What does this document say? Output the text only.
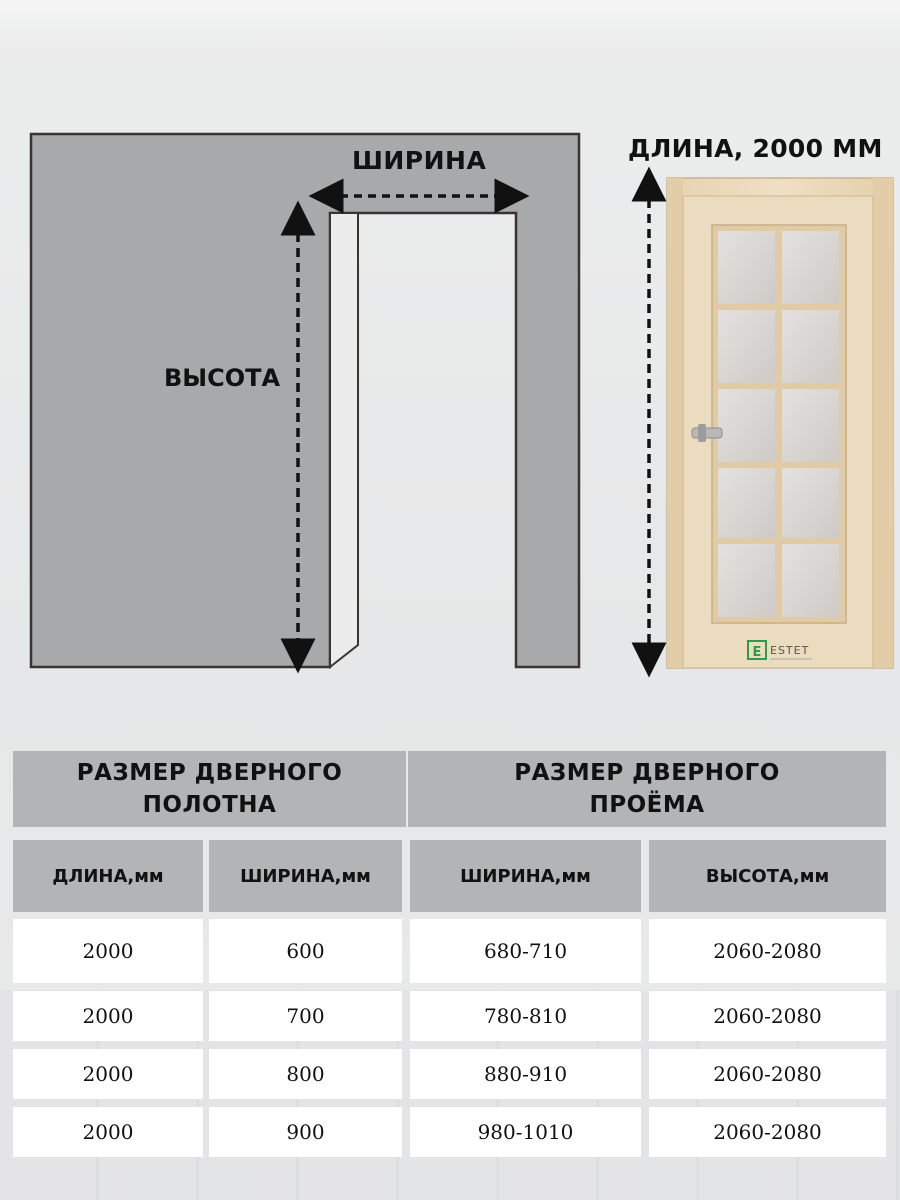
E ESTET
ШИРИНА
ВЫСОТА
ДЛИНА, 2000 ММ
РАЗМЕР ДВЕРНОГО ПОЛОТНА
РАЗМЕР ДВЕРНОГО ПРОЁМА
ДЛИНА,мм	ШИРИНА,мм	ШИРИНА,мм	ВЫСОТА,мм
2000	600	680-710	2060-2080
2000	700	780-810	2060-2080
2000	800	880-910	2060-2080
2000	900	980-1010	2060-2080
